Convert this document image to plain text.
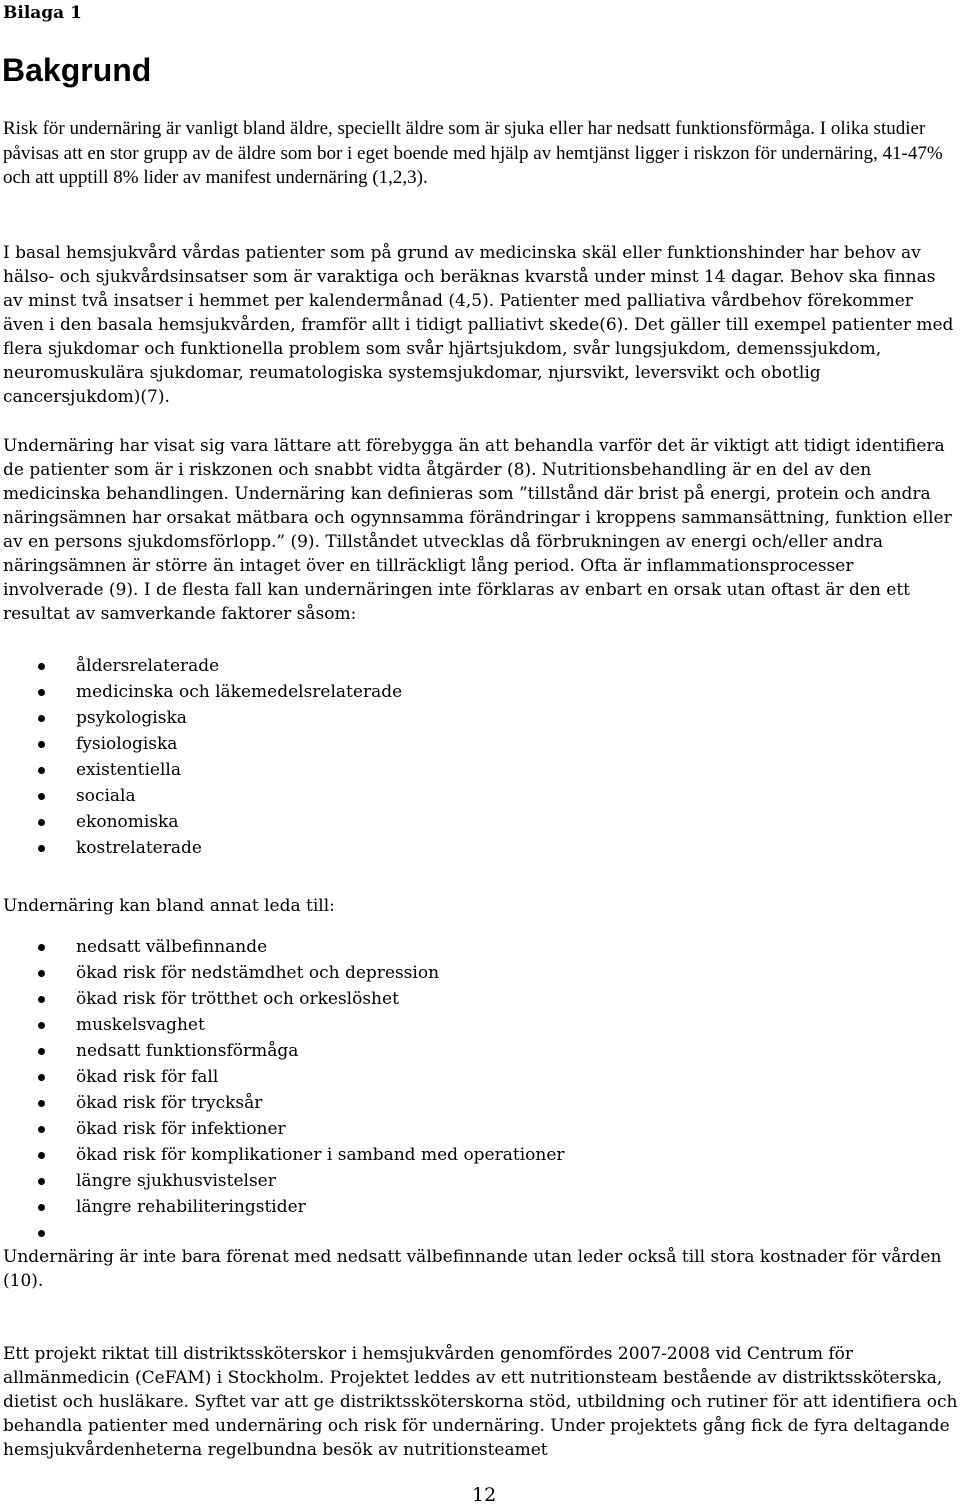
Bilaga 1
Bakgrund

Risk för undernäring är vanligt bland äldre, speciellt äldre som är sjuka eller har nedsatt funktionsförmåga. I olika studier påvisas att en stor grupp av de äldre som bor i eget boende med hjälp av hemtjänst ligger i riskzon för undernäring, 41-47% och att upptill 8% lider av manifest undernäring (1,2,3).

I basal hemsjukvård vårdas patienter som på grund av medicinska skäl eller funktionshinder har behov av hälso- och sjukvårdsinsatser som är varaktiga och beräknas kvarstå under minst 14 dagar. Behov ska finnas av minst två insatser i hemmet per kalendermånad (4,5). Patienter med palliativa vårdbehov förekommer även i den basala hemsjukvården, framför allt i tidigt palliativt skede(6). Det gäller till exempel patienter med flera sjukdomar och funktionella problem som svår hjärtsjukdom, svår lungsjukdom, demenssjukdom, neuromuskulära sjukdomar, reumatologiska systemsjukdomar, njursvikt, leversvikt och obotlig cancersjukdom)(7).

Undernäring har visat sig vara lättare att förebygga än att behandla varför det är viktigt att tidigt identifiera de patienter som är i riskzonen och snabbt vidta åtgärder (8). Nutritionsbehandling är en del av den medicinska behandlingen. Undernäring kan definieras som ”tillstånd där brist på energi, protein och andra näringsämnen har orsakat mätbara och ogynnsamma förändringar i kroppens sammansättning, funktion eller av en persons sjukdomsförlopp.” (9). Tillståndet utvecklas då förbrukningen av energi och/eller andra näringsämnen är större än intaget över en tillräckligt lång period. Ofta är inflammationsprocesser involverade (9). I de flesta fall kan undernäringen inte förklaras av enbart en orsak utan oftast är den ett resultat av samverkande faktorer såsom:

åldersrelaterade
medicinska och läkemedelsrelaterade
psykologiska
fysiologiska
existentiella
sociala
ekonomiska
kostrelaterade

Undernäring kan bland annat leda till:

nedsatt välbefinnande
ökad risk för nedstämdhet och depression
ökad risk för trötthet och orkeslöshet
muskelsvaghet
nedsatt funktionsförmåga
ökad risk för fall
ökad risk för trycksår
ökad risk för infektioner
ökad risk för komplikationer i samband med operationer
längre sjukhusvistelser
längre rehabiliteringstider

Undernäring är inte bara förenat med nedsatt välbefinnande utan leder också till stora kostnader för vården (10).

Ett projekt riktat till distriktssköterskor i hemsjukvården genomfördes 2007-2008 vid Centrum för allmänmedicin (CeFAM) i Stockholm. Projektet leddes av ett nutritionsteam bestående av distriktssköterska, dietist och husläkare. Syftet var att ge distriktssköterskorna stöd, utbildning och rutiner för att identifiera och behandla patienter med undernäring och risk för undernäring. Under projektets gång fick de fyra deltagande hemsjukvårdenheterna regelbundna besök av nutritionsteamet

12
